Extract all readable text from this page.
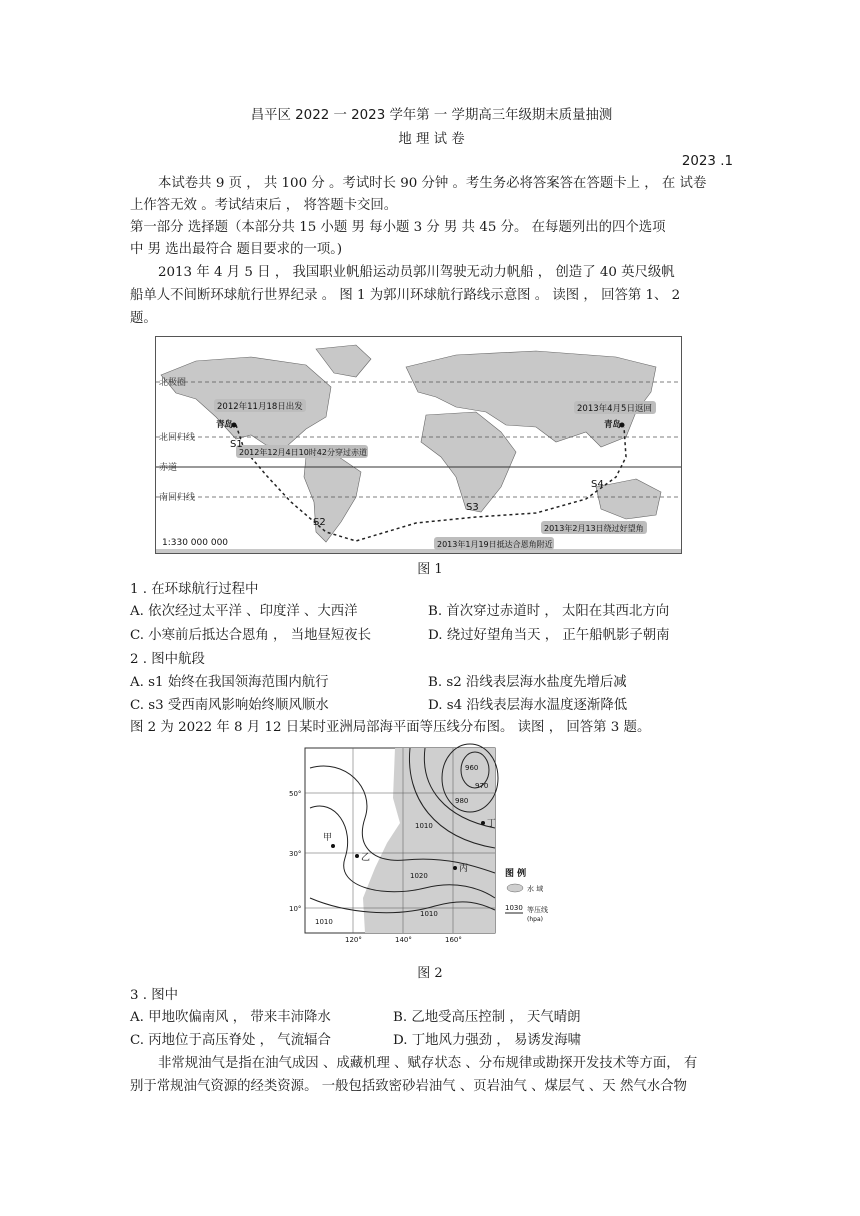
昌平区 2022 一 2023 学年第 一 学期高三年级期末质量抽测
地 理 试 卷
2023 .1
本试卷共 9 页 ， 共 100 分 。考试时长 90 分钟 。考生务必将答案答在答题卡上 ， 在 试卷
上作答无效 。考试结束后 ， 将答题卡交回。
第一部分 选择题（本部分共 15 小题 男 每小题 3 分 男 共 45 分。 在每题列出的四个选项
中 男 选出最符合 题目要求的一项。)
2013 年 4 月 5 日 ， 我国职业帆船运动员郭川驾驶无动力帆船 ， 创造了 40 英尺级帆
船单人不间断环球航行世界纪录 。 图 1 为郭川环球航行路线示意图 。 读图 ， 回答第 1、 2
题。
北极圈
北回归线
赤道
南回归线
2012年11月18日出发	2013年4月5日返回
2012年12月4日10时42分穿过赤道
2013年2月13日绕过好望角
2013年1月19日抵达合恩角附近
青岛	青岛
S1
S2
S3
S4
1:330 000 000
图 1
1 . 在环球航行过程中
A. 依次经过太平洋 、印度洋 、大西洋	B. 首次穿过赤道时 ， 太阳在其西北方向
C. 小寒前后抵达合恩角 ， 当地昼短夜长	D. 绕过好望角当天 ， 正午船帆影子朝南
2 . 图中航段
A. s1 始终在我国领海范围内航行	B. s2 沿线表层海水盐度先增后减
C. s3 受西南风影响始终顺风顺水	D. s4 沿线表层海水温度逐渐降低
图 2 为 2022 年 8 月 12 日某时亚洲局部海平面等压线分布图。 读图 ， 回答第 3 题。
960
970
980
1010
1010
1010
1020
1030
甲
乙
丙
丁
50°
30°
10°
120°	140°	160°
图 例
水 域
等压线
(hpa)
图 2
3 . 图中
A. 甲地吹偏南风 ， 带来丰沛降水	B. 乙地受高压控制 ， 天气晴朗
C. 丙地位于高压脊处 ， 气流辐合	D. 丁地风力强劲 ， 易诱发海啸
非常规油气是指在油气成因 、成藏机理 、赋存状态 、分布规律或勘探开发技术等方面， 有
别于常规油气资源的经类资源。 一般包括致密砂岩油气 、页岩油气 、煤层气 、天 然气水合物
